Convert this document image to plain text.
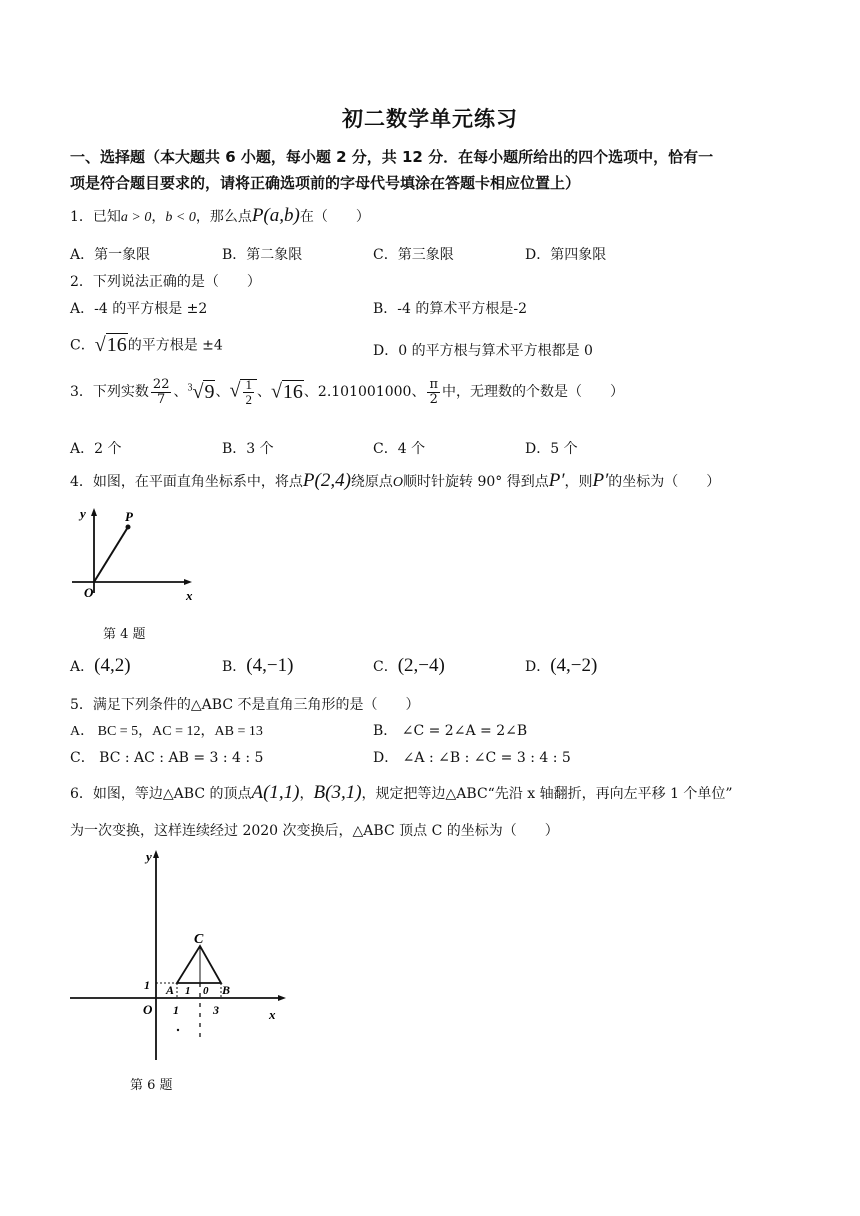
初二数学单元练习
一、选择题（本大题共 6 小题，每小题 2 分，共 12 分．在每小题所给出的四个选项中，恰有一
项是符合题目要求的，请将正确选项前的字母代号填涂在答题卡相应位置上）
1．已知a > 0，b < 0，那么点P(a,b)在（　　）
A．第一象限	B．第二象限	C．第三象限	D．第四象限
2．下列说法正确的是（　　）
A．-4 的平方根是 ±2	B．-4 的算术平方根是-2
C．√16的平方根是 ±4	D．0 的平方根与算术平方根都是 0
3．下列实数 $\frac{22}{7}$ 、$^3$√9、√ $\frac{1}{2}$ 、√16、2.101001000、 $\frac{\pi}{2}$ 中，无理数的个数是（　　）
A．2 个	B．3 个	C．4 个	D．5 个
4．如图，在平面直角坐标系中，将点P(2,4)绕原点O顺时针旋转 90° 得到点P′，则P′的坐标为（　　）
y	P
O	x
第 4 题
A．(4,2)	B．(4,−1)	C．(2,−4)	D．(4,−2)
5．满足下列条件的△ABC 不是直角三角形的是（　　）
A． BC = 5，AC = 12，AB = 13	B． ∠C = 2∠A = 2∠B
C． BC : AC : AB = 3 : 4 : 5	D． ∠A : ∠B : ∠C = 3 : 4 : 5
6．如图，等边△ABC 的顶点A(1,1)，B(3,1)，规定把等边△ABC“先沿 x 轴翻折，再向左平移 1 个单位”
为一次变换，这样连续经过 2020 次变换后，△ABC 顶点 C 的坐标为（　　）
C
1 A 1 0 B
O 1	3	x
y
第 6 题
